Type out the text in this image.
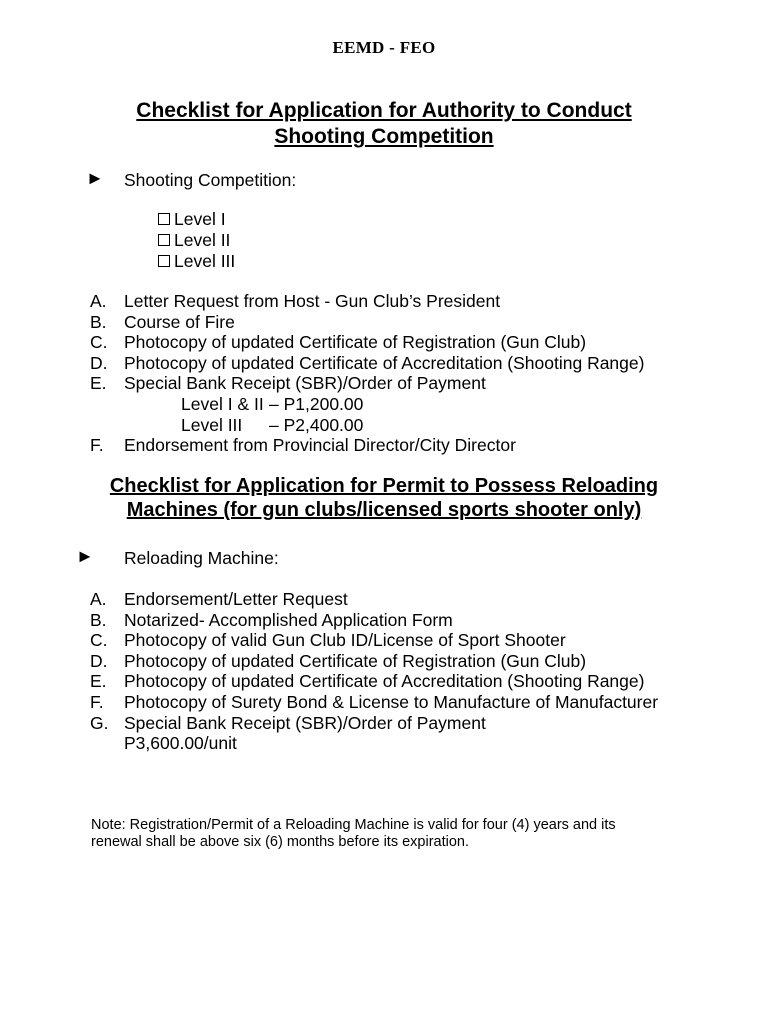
EEMD - FEO
Checklist for Application for Authority to Conduct
Shooting Competition
► Shooting Competition:
Level I
Level II
Level III
A. Letter Request from Host - Gun Club’s President
B. Course of Fire
C. Photocopy of updated Certificate of Registration (Gun Club)
D. Photocopy of updated Certificate of Accreditation (Shooting Range)
E. Special Bank Receipt (SBR)/Order of Payment
Level I & II – P1,200.00
Level III – P2,400.00
F. Endorsement from Provincial Director/City Director
Checklist for Application for Permit to Possess Reloading
Machines (for gun clubs/licensed sports shooter only)
► Reloading Machine:
A. Endorsement/Letter Request
B. Notarized- Accomplished Application Form
C. Photocopy of valid Gun Club ID/License of Sport Shooter
D. Photocopy of updated Certificate of Registration (Gun Club)
E. Photocopy of updated Certificate of Accreditation (Shooting Range)
F. Photocopy of Surety Bond & License to Manufacture of Manufacturer
G. Special Bank Receipt (SBR)/Order of Payment
P3,600.00/unit
Note: Registration/Permit of a Reloading Machine is valid for four (4) years and its
renewal shall be above six (6) months before its expiration.
